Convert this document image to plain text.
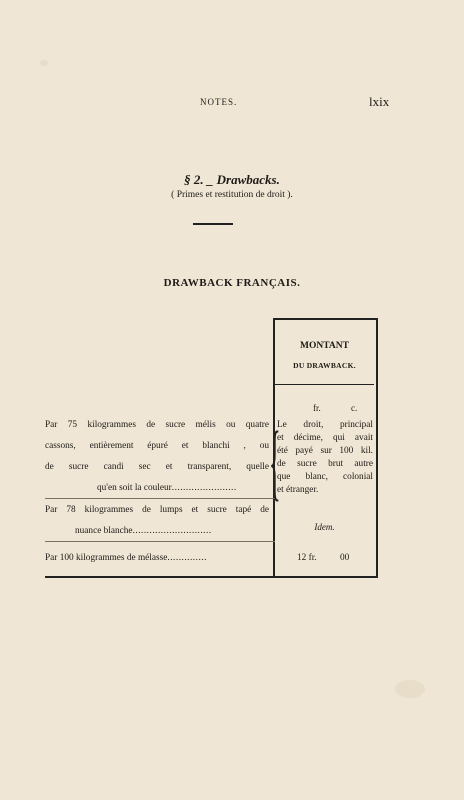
NOTES.	lxix
§ 2. _ Drawbacks.
( Primes et restitution de droit ).
DRAWBACK FRANÇAIS.
MONTANT
DU DRAWBACK.
fr.	c.
Par 75 kilogrammes de sucre mélis ou quatre
cassons, entièrement épuré et blanchi , ou
de sucre candi sec et transparent, quelle
qu'en soit la couleur....................... {
Le droit, principal
et décime, qui avait
été payé sur 100 kil.
de sucre brut autre
que blanc, colonial
et étranger.
Par 78 kilogrammes de lumps et sucre tapé de
nuance blanche............................	Idem.
Par 100 kilogrammes de mélasse..............	12 fr.	00
